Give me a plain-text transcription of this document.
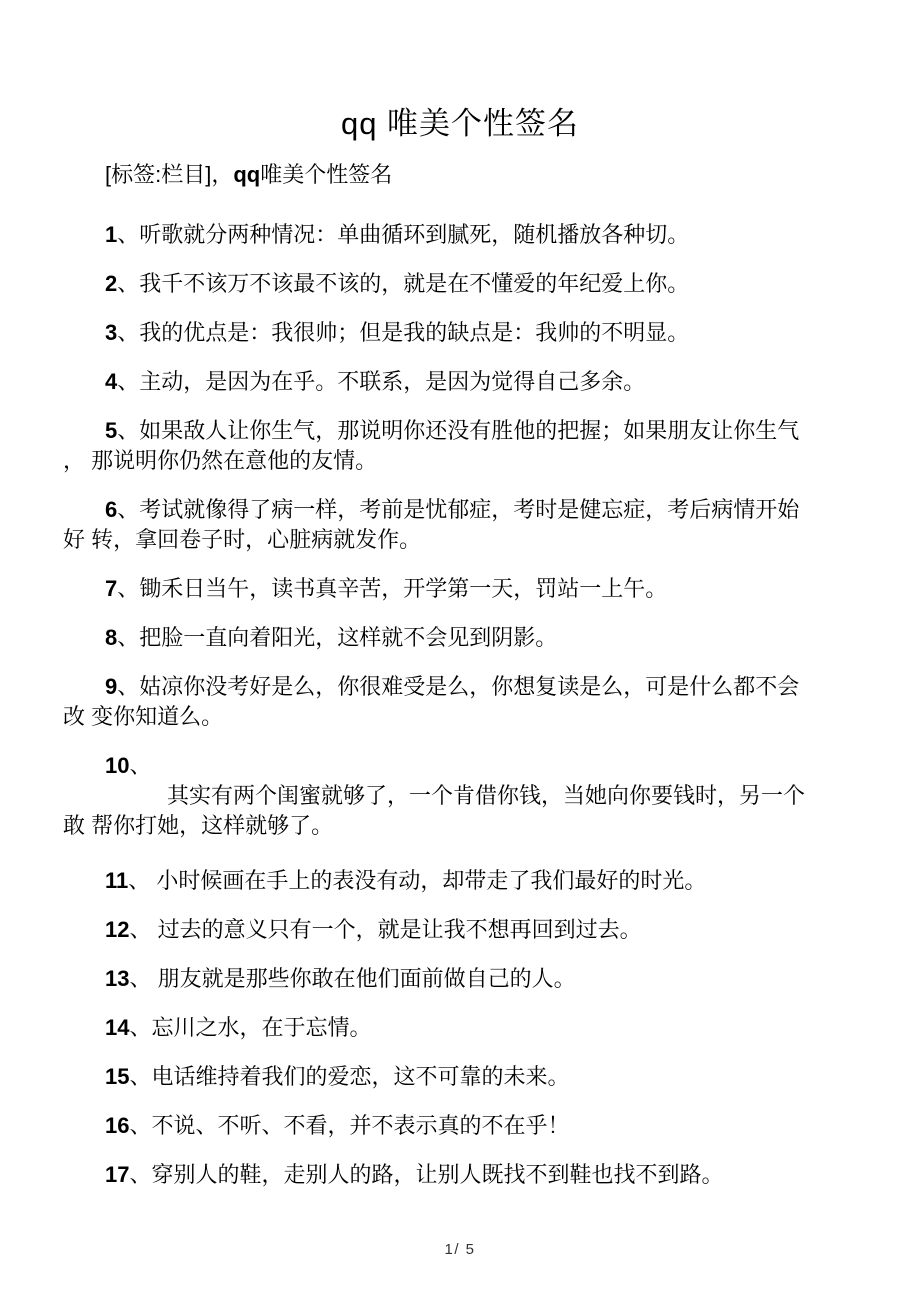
qq 唯美个性签名
[标签:栏目]，qq唯美个性签名
1、听歌就分两种情况：单曲循环到腻死，随机播放各种切。
2、我千不该万不该最不该的，就是在不懂爱的年纪爱上你。
3、我的优点是：我很帅；但是我的缺点是：我帅的不明显。
4、主动，是因为在乎。不联系，是因为觉得自己多余。
5、如果敌人让你生气，那说明你还没有胜他的把握；如果朋友让你生气
， 那说明你仍然在意他的友情。
6、考试就像得了病一样，考前是忧郁症，考时是健忘症，考后病情开始
好 转，拿回卷子时，心脏病就发作。
7、锄禾日当午，读书真辛苦，开学第一天，罚站一上午。
8、把脸一直向着阳光，这样就不会见到阴影。
9、姑凉你没考好是么，你很难受是么，你想复读是么，可是什么都不会
改 变你知道么。
10、
其实有两个闺蜜就够了，一个肯借你钱，当她向你要钱时，另一个
敢 帮你打她，这样就够了。
11、 小时候画在手上的表没有动，却带走了我们最好的时光。
12、 过去的意义只有一个，就是让我不想再回到过去。
13、 朋友就是那些你敢在他们面前做自己的人。
14、忘川之水，在于忘情。
15、电话维持着我们的爱恋，这不可靠的未来。
16、不说、不听、不看，并不表示真的不在乎！
17、穿别人的鞋，走别人的路，让别人既找不到鞋也找不到路。
1/ 5
